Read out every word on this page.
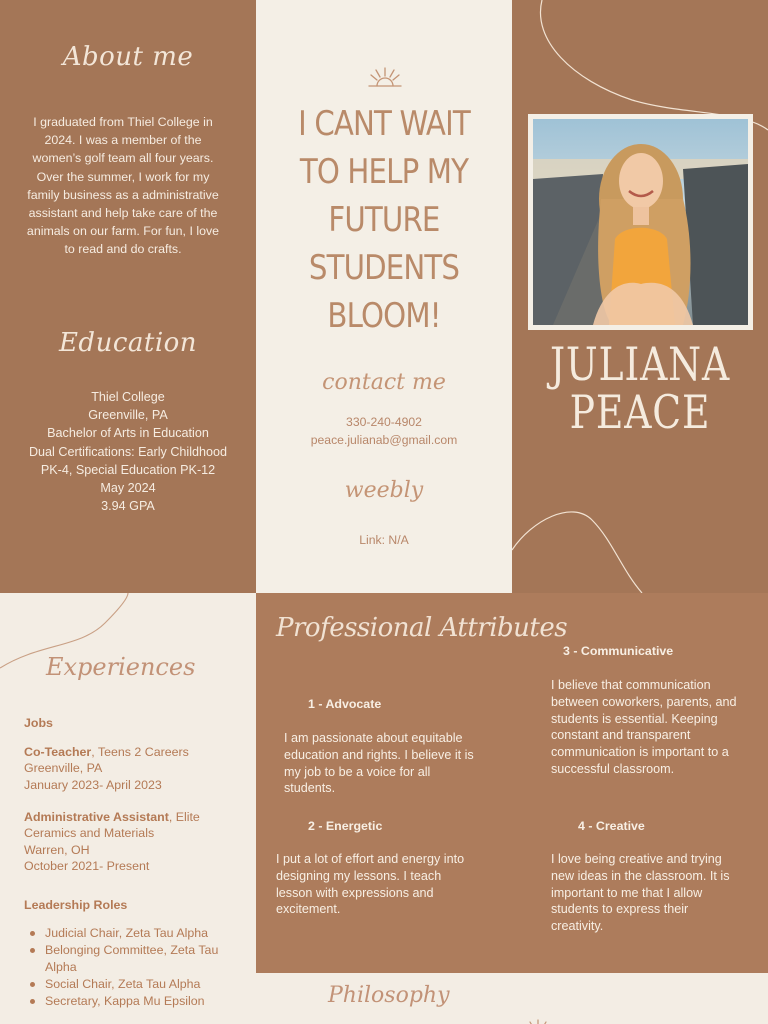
About me

I graduated from Thiel College in 2024. I was a member of the women’s golf team all four years. Over the summer, I work for my family business as a administrative assistant and help take care of the animals on our farm. For fun, I love to read and do crafts.

Education
Thiel College
Greenville, PA
Bachelor of Arts in Education
Dual Certifications: Early Childhood PK-4, Special Education PK-12
May 2024
3.94 GPA
I CANT WAIT TO HELP MY FUTURE STUDENTS BLOOM!
contact me
330-240-4902
peace.julianab@gmail.com
weebly
Link: N/A
JULIANA
PEACE
Experiences
Jobs
Co-Teacher, Teens 2 Careers
Greenville, PA
January 2023- April 2023
Administrative Assistant, Elite Ceramics and Materials
Warren, OH
October 2021- Present
Leadership Roles
Judicial Chair, Zeta Tau Alpha
Belonging Committee, Zeta Tau Alpha
Social Chair, Zeta Tau Alpha
Secretary, Kappa Mu Epsilon
Professional Attributes
1 - Advocate

I am passionate about equitable education and rights. I believe it is my job to be a voice for all students.

2 - Energetic

I put a lot of effort and energy into designing my lessons. I teach lesson with expressions and excitement.

3 - Communicative

I believe that communication between coworkers, parents, and students is essential. Keeping constant and transparent communication is important to a successful classroom.

4 - Creative

I love being creative and trying new ideas in the classroom. It is important to me that I allow students to express their creativity.

Philosophy
